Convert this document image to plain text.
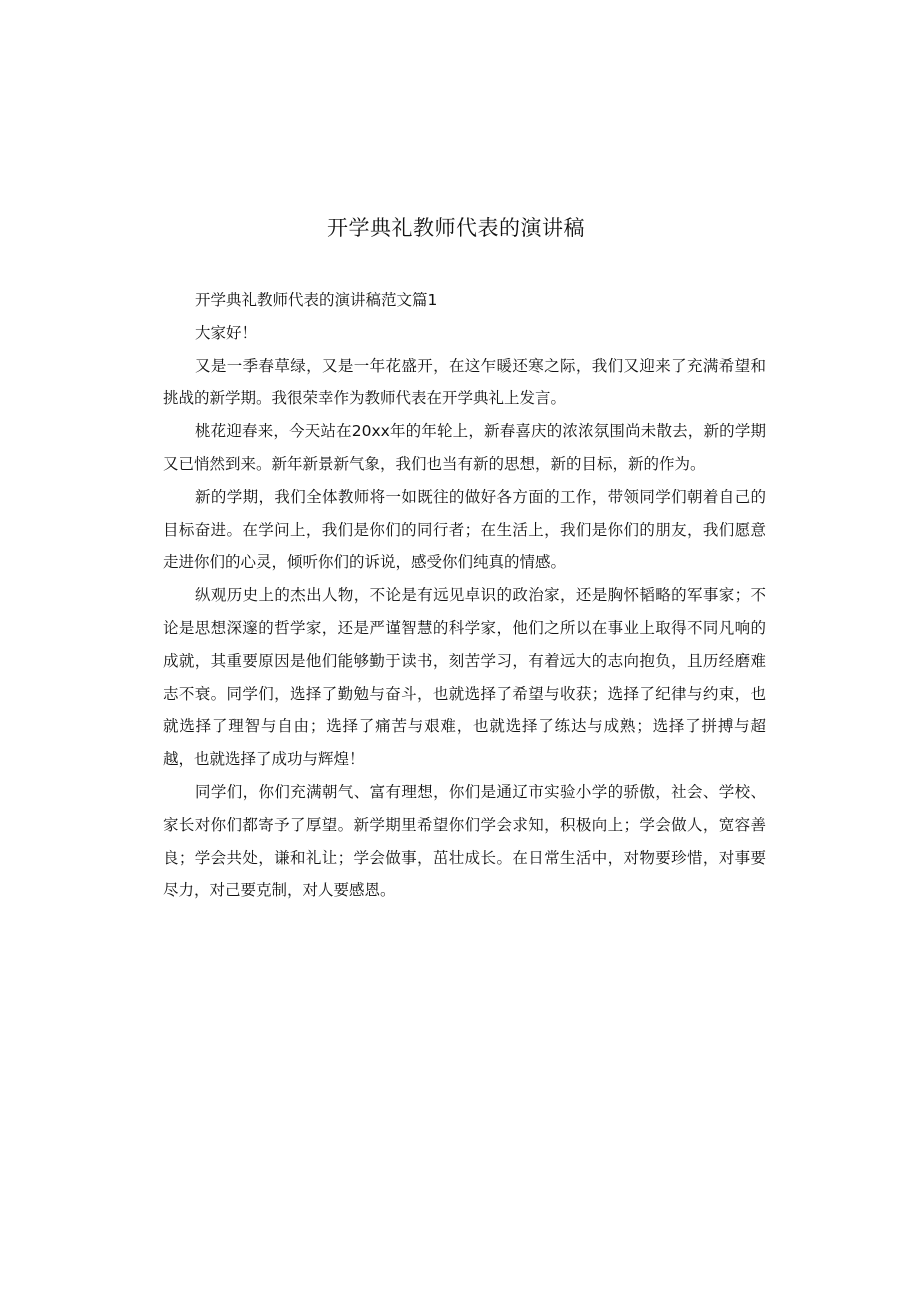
开学典礼教师代表的演讲稿

开学典礼教师代表的演讲稿范文篇1

大家好！

又是一季春草绿，又是一年花盛开，在这乍暖还寒之际，我们又迎来了充满希望和挑战的新学期。我很荣幸作为教师代表在开学典礼上发言。

桃花迎春来，今天站在20xx年的年轮上，新春喜庆的浓浓氛围尚未散去，新的学期又已悄然到来。新年新景新气象，我们也当有新的思想，新的目标，新的作为。

新的学期，我们全体教师将一如既往的做好各方面的工作，带领同学们朝着自己的目标奋进。在学问上，我们是你们的同行者；在生活上，我们是你们的朋友，我们愿意走进你们的心灵，倾听你们的诉说，感受你们纯真的情感。

纵观历史上的杰出人物，不论是有远见卓识的政治家，还是胸怀韬略的军事家；不论是思想深邃的哲学家，还是严谨智慧的科学家，他们之所以在事业上取得不同凡响的成就，其重要原因是他们能够勤于读书，刻苦学习，有着远大的志向抱负，且历经磨难志不衰。同学们，选择了勤勉与奋斗，也就选择了希望与收获；选择了纪律与约束，也就选择了理智与自由；选择了痛苦与艰难，也就选择了练达与成熟；选择了拼搏与超越，也就选择了成功与辉煌！

同学们，你们充满朝气、富有理想，你们是通辽市实验小学的骄傲，社会、学校、家长对你们都寄予了厚望。新学期里希望你们学会求知，积极向上；学会做人，宽容善良；学会共处，谦和礼让；学会做事，茁壮成长。在日常生活中，对物要珍惜，对事要尽力，对己要克制，对人要感恩。
